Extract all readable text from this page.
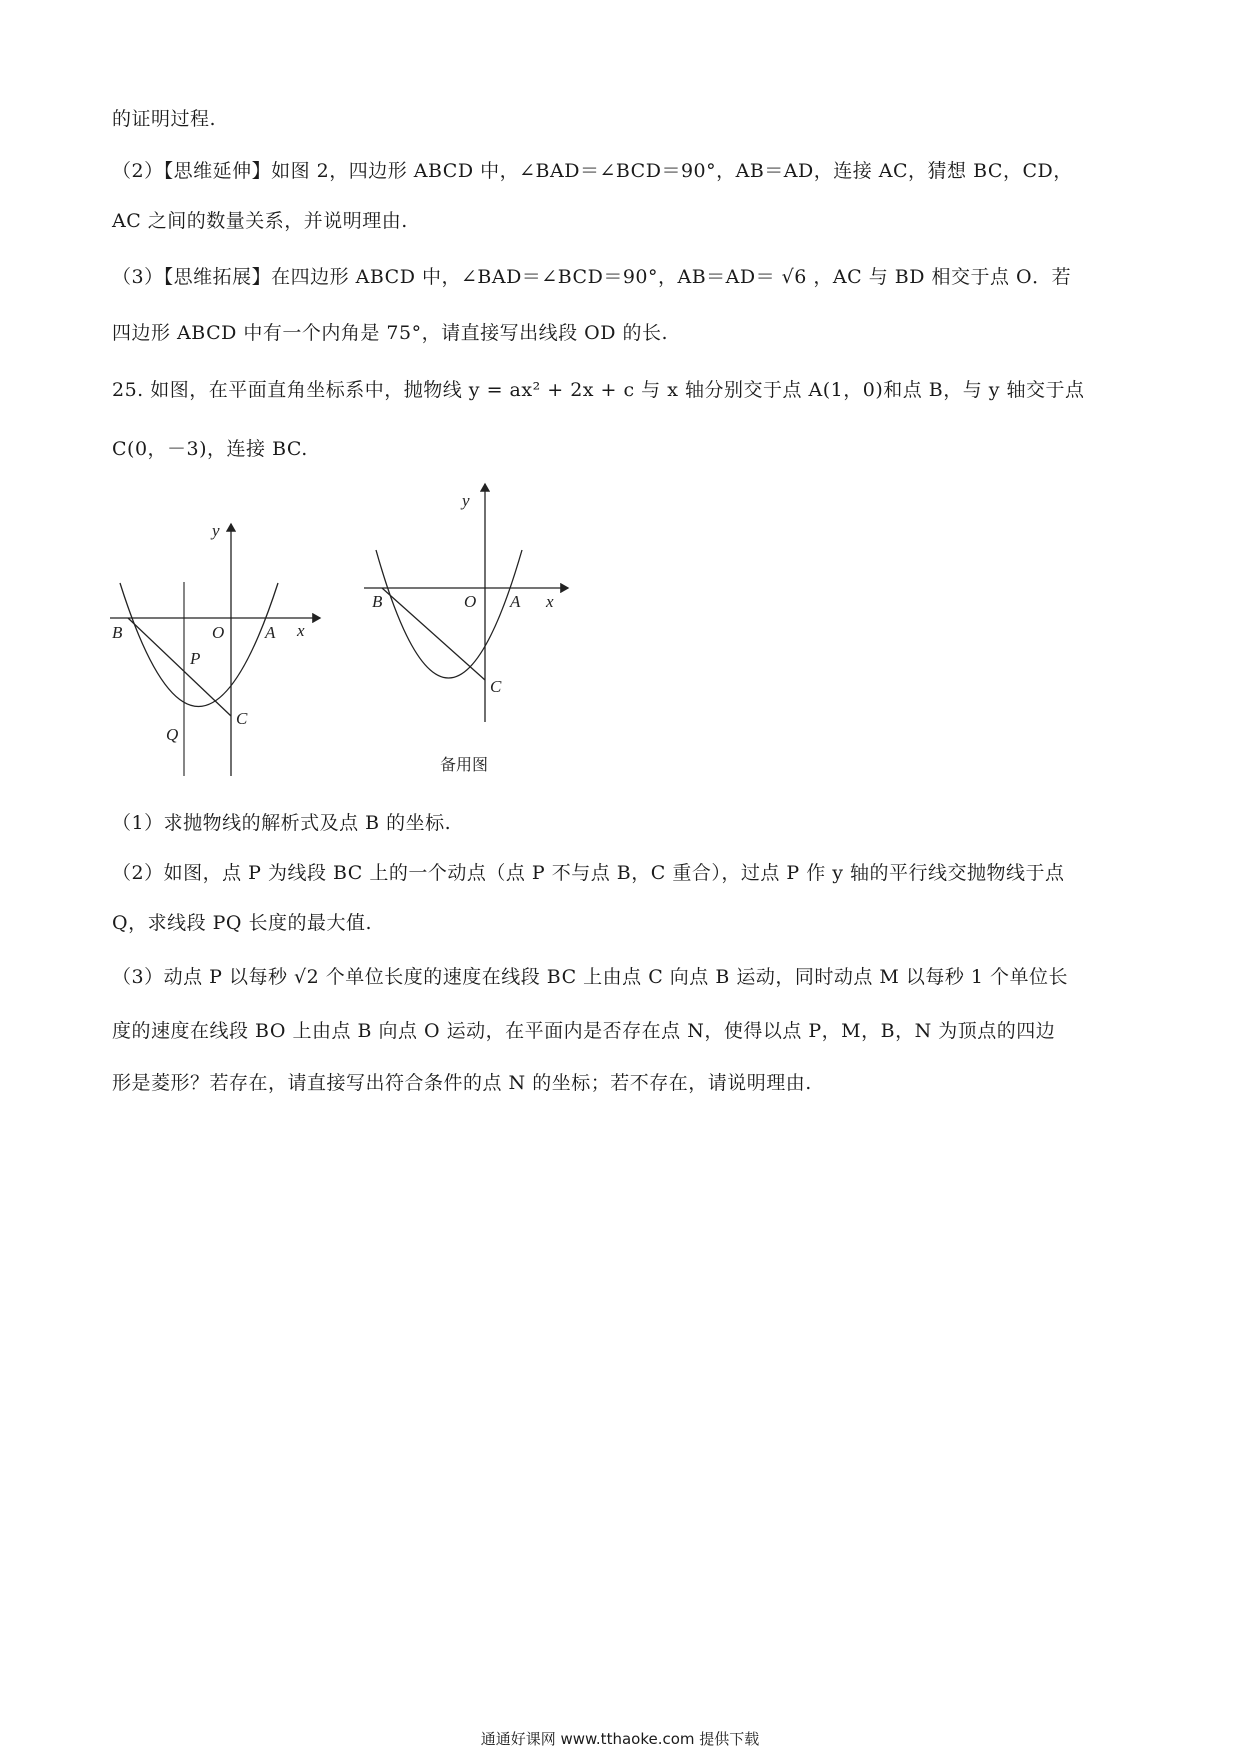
的证明过程.
（2）【思维延伸】如图 2，四边形 ABCD 中，∠BAD＝∠BCD＝90°，AB＝AD，连接 AC，猜想 BC，CD，
AC 之间的数量关系，并说明理由.
（3）【思维拓展】在四边形 ABCD 中，∠BAD＝∠BCD＝90°，AB＝AD＝ √6 ，AC 与 BD 相交于点 O．若
四边形 ABCD 中有一个内角是 75°，请直接写出线段 OD 的长.
25. 如图，在平面直角坐标系中，抛物线 y = ax² + 2x + c 与 x 轴分别交于点 A(1，0)和点 B，与 y 轴交于点
C(0，－3)，连接 BC.
y
x
B	O A
P
Q
C
y
x
B	O A
C
备用图
（1）求抛物线的解析式及点 B 的坐标.
（2）如图，点 P 为线段 BC 上的一个动点（点 P 不与点 B，C 重合），过点 P 作 y 轴的平行线交抛物线于点
Q，求线段 PQ 长度的最大值.
（3）动点 P 以每秒 √2 个单位长度的速度在线段 BC 上由点 C 向点 B 运动，同时动点 M 以每秒 1 个单位长
度的速度在线段 BO 上由点 B 向点 O 运动，在平面内是否存在点 N，使得以点 P，M，B，N 为顶点的四边
形是菱形？若存在，请直接写出符合条件的点 N 的坐标；若不存在，请说明理由.
通通好课网 www.tthaoke.com 提供下载
